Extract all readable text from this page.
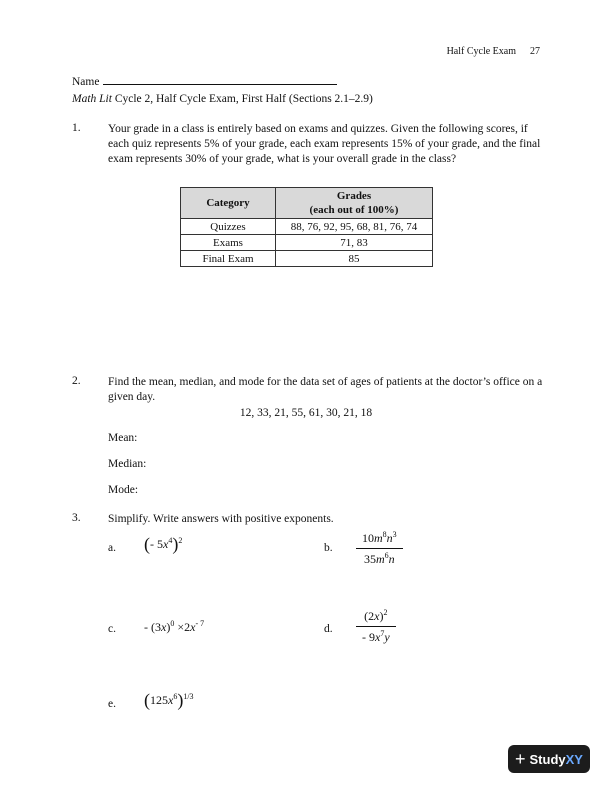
Half Cycle Exam 27
Name
Math Lit Cycle 2, Half Cycle Exam, First Half (Sections 2.1–2.9)
1. Your grade in a class is entirely based on exams and quizzes. Given the following scores, if each quiz represents 5% of your grade, each exam represents 15% of your grade, and the final exam represents 30% of your grade, what is your overall grade in the class?
Category	Grades
(each out of 100%)
Quizzes	88, 76, 92, 95, 68, 81, 76, 74
Exams	71, 83
Final Exam	85
2. Find the mean, median, and mode for the data set of ages of patients at the doctor’s office on a given day.
12, 33, 21, 55, 61, 30, 21, 18
Mean:
Median:
Mode:
3. Simplify. Write answers with positive exponents.
a. (- $5x^4)^2$
b. $\frac{10m^8n^3}{35m^6n}$
c. - $(3x)^0 \times 2x^{- 7}$	d. $\frac{(2x)^2}{- 9x^7y}$
e. $(125x^6)^{1/3}$
+ StudyXY
